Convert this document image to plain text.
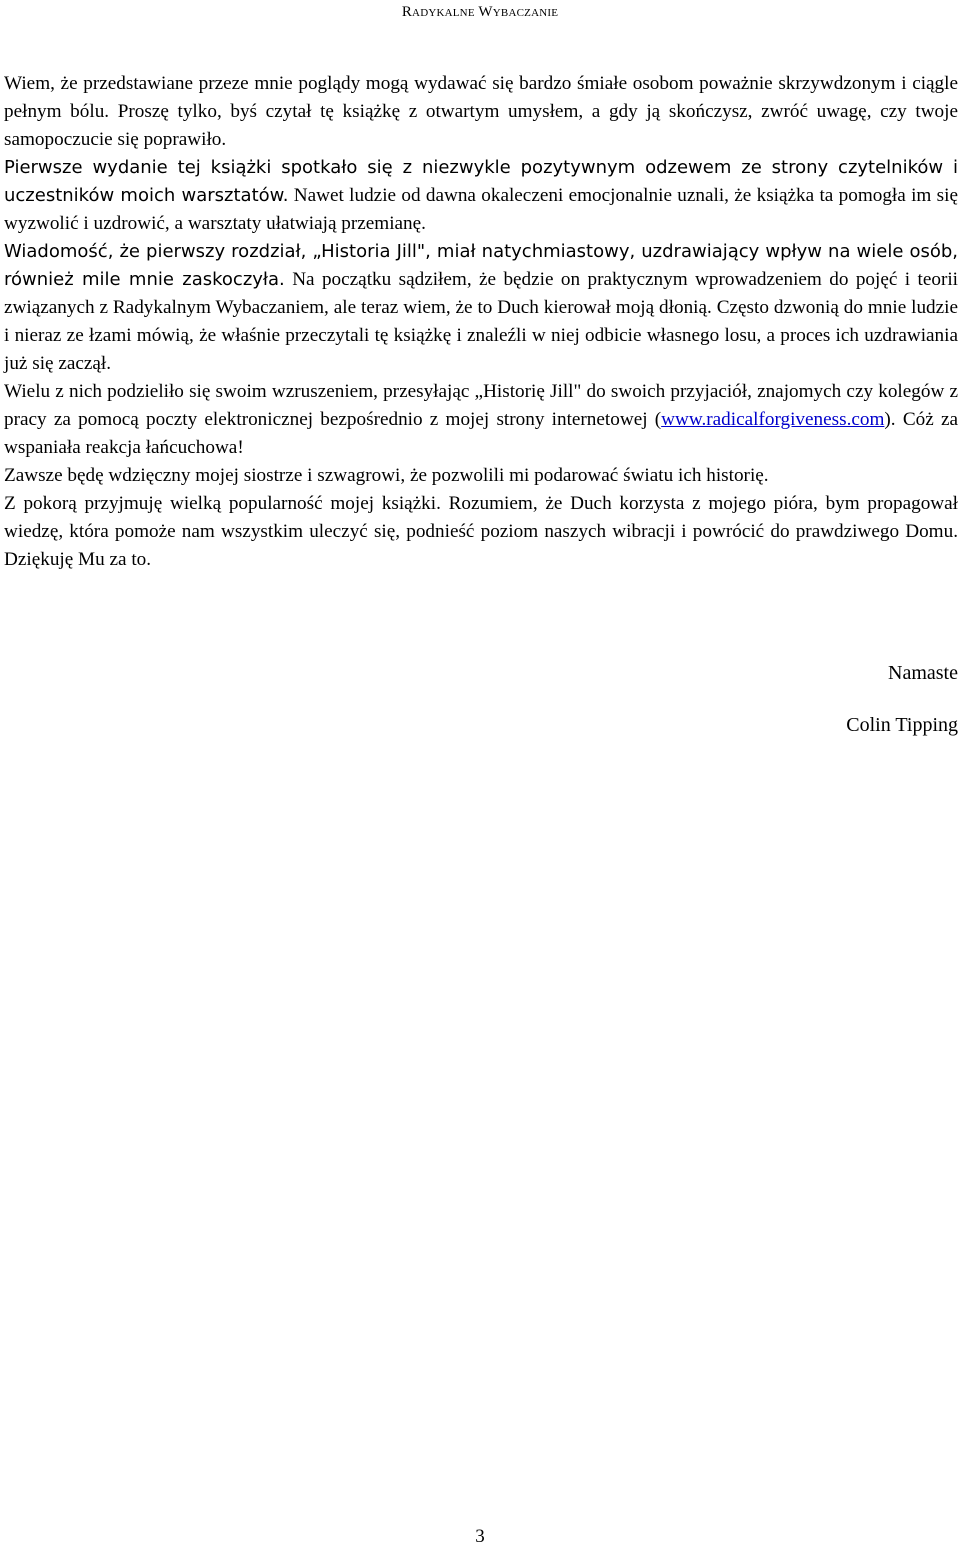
Radykalne Wybaczanie

Wiem, że przedstawiane przeze mnie poglądy mogą wydawać się bardzo śmiałe osobom poważnie skrzywdzonym i ciągle pełnym bólu. Proszę tylko, byś czytał tę książkę z otwartym umysłem, a gdy ją skończysz, zwróć uwagę, czy twoje samopoczucie się poprawiło.

Pierwsze wydanie tej książki spotkało się z niezwykle pozytywnym odzewem ze strony czytelników i uczestników moich warsztatów. Nawet ludzie od dawna okaleczeni emocjonalnie uznali, że książka ta pomogła im się wyzwolić i uzdrowić, a warsztaty ułatwiają przemianę.

Wiadomość, że pierwszy rozdział, „Historia Jill", miał natychmiastowy, uzdrawiający wpływ na wiele osób, również mile mnie zaskoczyła. Na początku sądziłem, że będzie on praktycznym wprowadzeniem do pojęć i teorii związanych z Radykalnym Wybaczaniem, ale teraz wiem, że to Duch kierował moją dłonią. Często dzwonią do mnie ludzie i nieraz ze łzami mówią, że właśnie przeczytali tę książkę i znaleźli w niej odbicie własnego losu, a proces ich uzdrawiania już się zaczął.

Wielu z nich podzieliło się swoim wzruszeniem, przesyłając „Historię Jill" do swoich przyjaciół, znajomych czy kolegów z pracy za pomocą poczty elektronicznej bezpośrednio z mojej strony internetowej (www.radicalforgiveness.com). Cóż za wspaniała reakcja łańcuchowa!

Zawsze będę wdzięczny mojej siostrze i szwagrowi, że pozwolili mi podarować światu ich historię.

Z pokorą przyjmuję wielką popularność mojej książki. Rozumiem, że Duch korzysta z mojego pióra, bym propagował wiedzę, która pomoże nam wszystkim uleczyć się, podnieść poziom naszych wibracji i powrócić do prawdziwego Domu. Dziękuję Mu za to.

Namaste
Colin Tipping
3
